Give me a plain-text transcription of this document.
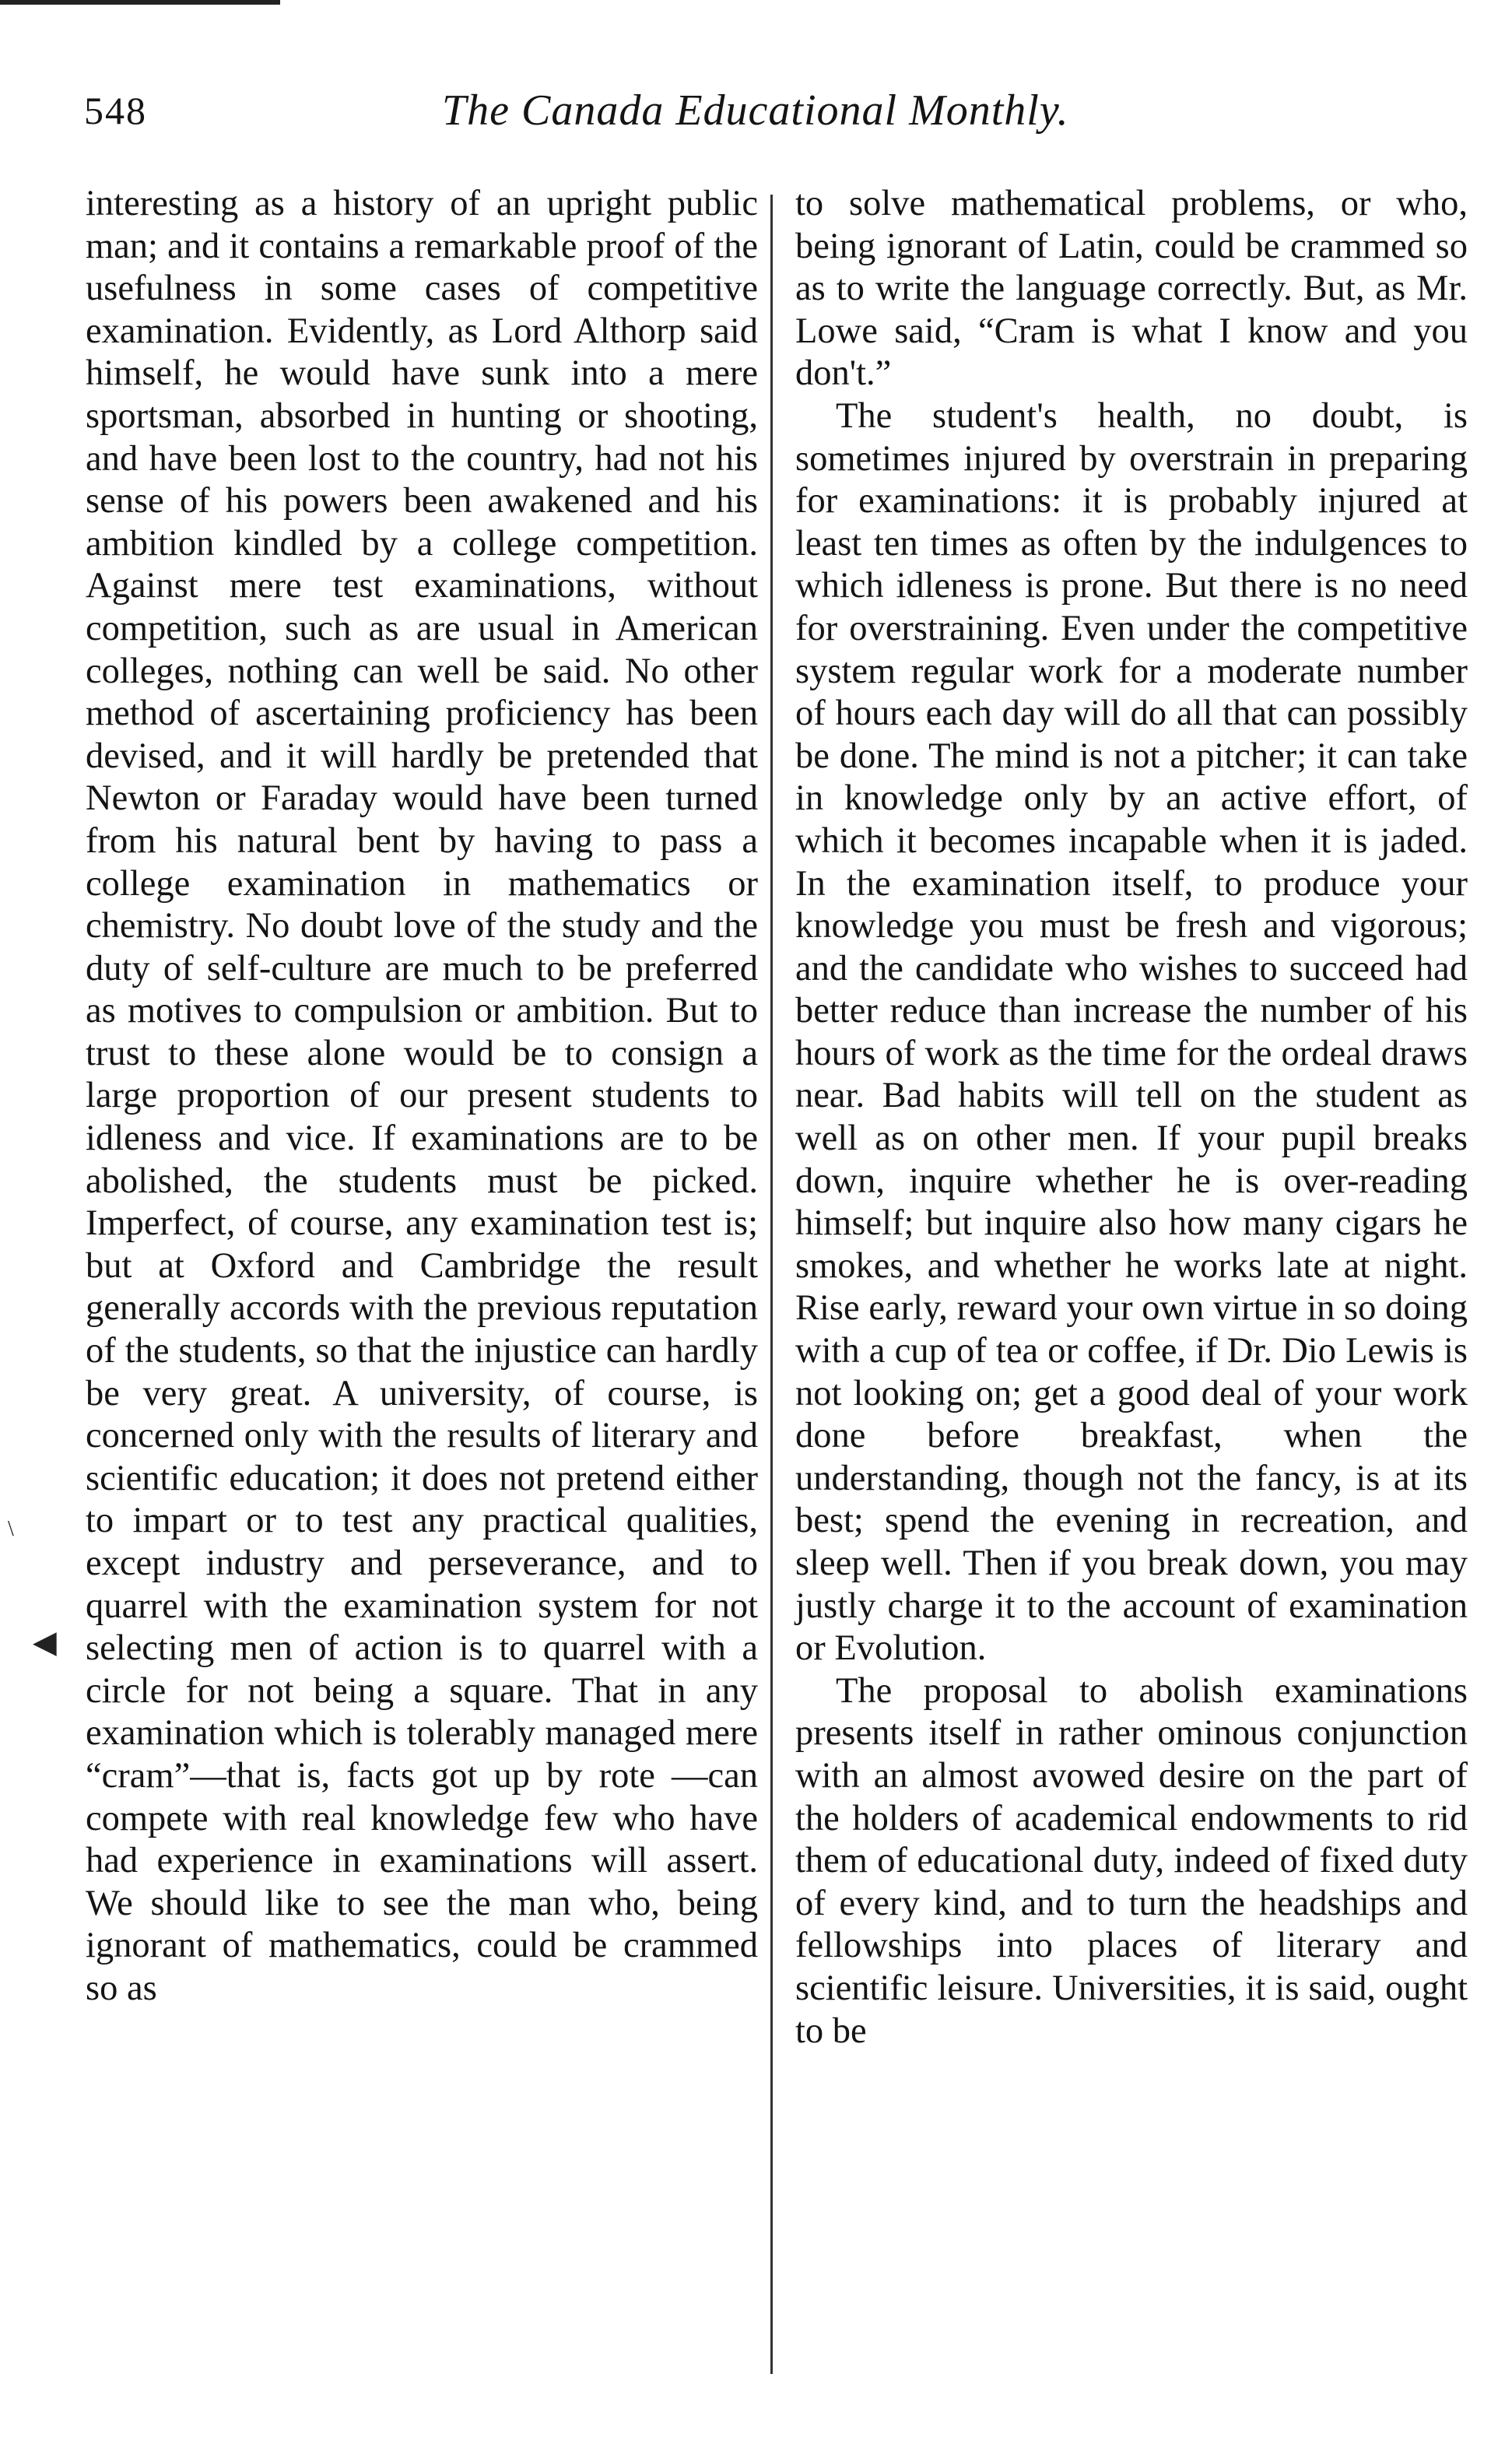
548	The Canada Educational Monthly.

interesting as a history of an upright public man; and it contains a remarkable proof of the usefulness in some cases of competitive examination. Evidently, as Lord Althorp said himself, he would have sunk into a mere sportsman, absorbed in hunting or shooting, and have been lost to the country, had not his sense of his powers been awakened and his ambition kindled by a college competition. Against mere test examinations, without competition, such as are usual in American colleges, nothing can well be said. No other method of ascertaining proficiency has been devised, and it will hardly be pretended that Newton or Faraday would have been turned from his natural bent by having to pass a college examination in mathematics or chemistry. No doubt love of the study and the duty of self-culture are much to be preferred as motives to compulsion or ambition. But to trust to these alone would be to consign a large proportion of our present students to idleness and vice. If examinations are to be abolished, the students must be picked. Imperfect, of course, any examination test is; but at Oxford and Cambridge the result generally accords with the previous reputation of the students, so that the injustice can hardly be very great. A university, of course, is concerned only with the results of literary and scientific education; it does not pretend either to impart or to test any practical qualities, except industry and perseverance, and to quarrel with the examination system for not selecting men of action is to quarrel with a circle for not being a square. That in any examination which is tolerably managed mere “cram”—that is, facts got up by rote —can compete with real knowledge few who have had experience in examinations will assert. We should like to see the man who, being ignorant of mathematics, could be crammed so as

to solve mathematical problems, or who, being ignorant of Latin, could be crammed so as to write the language correctly. But, as Mr. Lowe said, “Cram is what I know and you don't.”

The student's health, no doubt, is sometimes injured by overstrain in preparing for examinations: it is probably injured at least ten times as often by the indulgences to which idleness is prone. But there is no need for overstraining. Even under the competitive system regular work for a moderate number of hours each day will do all that can possibly be done. The mind is not a pitcher; it can take in knowledge only by an active effort, of which it becomes incapable when it is jaded. In the examination itself, to produce your knowledge you must be fresh and vigorous; and the candidate who wishes to succeed had better reduce than increase the number of his hours of work as the time for the ordeal draws near. Bad habits will tell on the student as well as on other men. If your pupil breaks down, inquire whether he is over-reading himself; but inquire also how many cigars he smokes, and whether he works late at night. Rise early, reward your own virtue in so doing with a cup of tea or coffee, if Dr. Dio Lewis is not looking on; get a good deal of your work done before breakfast, when the understanding, though not the fancy, is at its best; spend the evening in recreation, and sleep well. Then if you break down, you may justly charge it to the account of examination or Evolution.

The proposal to abolish examinations presents itself in rather ominous conjunction with an almost avowed desire on the part of the holders of academical endowments to rid them of educational duty, indeed of fixed duty of every kind, and to turn the headships and fellowships into places of literary and scientific leisure. Universities, it is said, ought to be

\
◀
